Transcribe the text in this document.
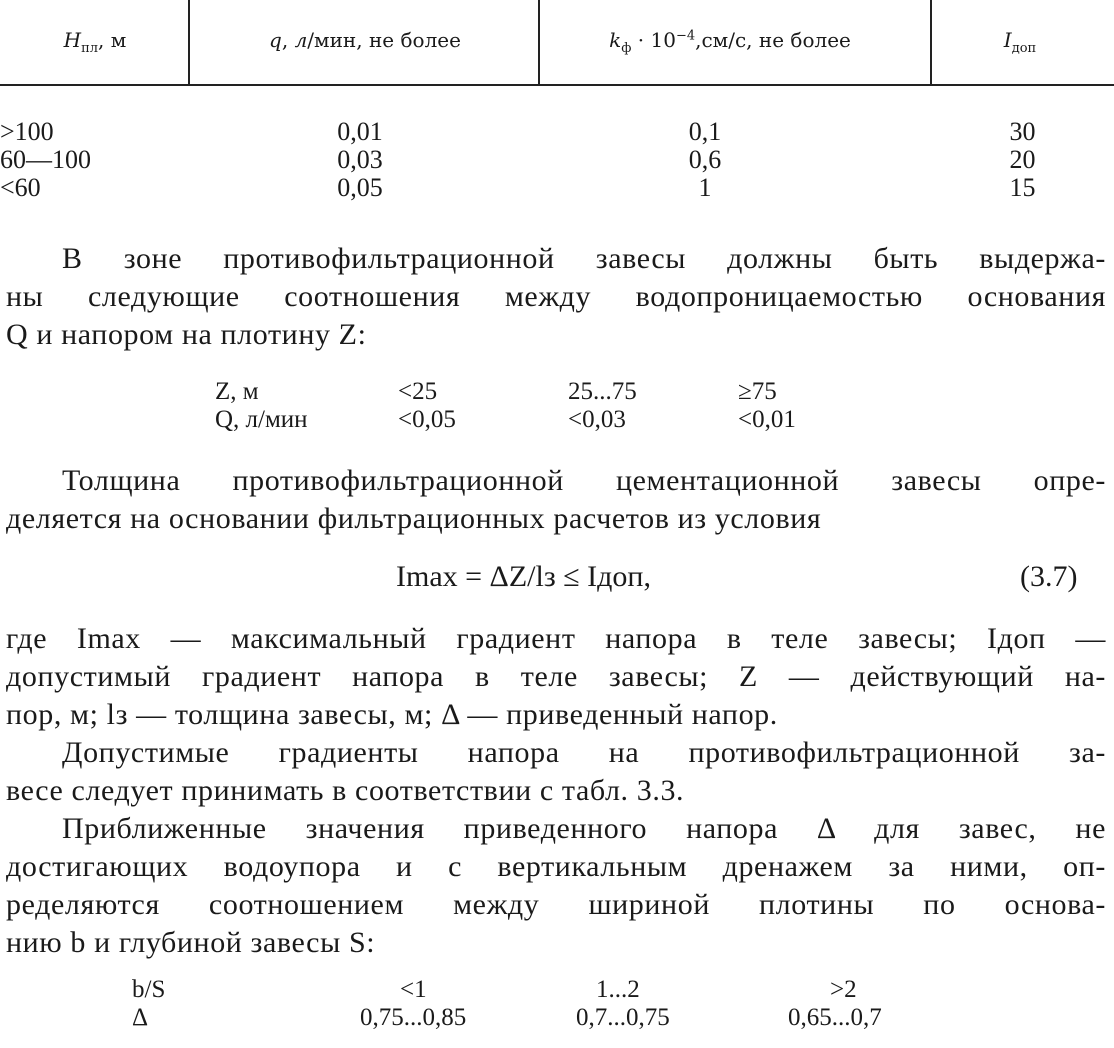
$H_{пл}$, м	q, л/мин, не более	$k_ф \cdot 10^{-4},см/с$, не более	$I_{доп}$
>100	0,01	0,1	30
60—100	0,03	0,6	20
<60	0,05	1	15
В зоне противофильтрационной завесы должны быть выдержа-
ны следующие соотношения между водопроницаемостью основания
Q и напором на плотину Z:
Z, м	<25	25...75	≥75
Q, л/мин	<0,05	<0,03	<0,01
Толщина противофильтрационной цементационной завесы опре-
деляется на основании фильтрационных расчетов из условия
Imax = ΔZ/lз ≤ Iдоп,	(3.7)
где Imax — максимальный градиент напора в теле завесы; Iдоп —
допустимый градиент напора в теле завесы; Z — действующий на-
пор, м; lз — толщина завесы, м; Δ — приведенный напор.
Допустимые градиенты напора на противофильтрационной за-
весе следует принимать в соответствии с табл. 3.3.
Приближенные значения приведенного напора Δ для завес, не
достигающих водоупора и с вертикальным дренажем за ними, оп-
ределяются соотношением между шириной плотины по основа-
нию b и глубиной завесы S:
b/S	<1	1...2	>2
Δ	0,75...0,85	0,7...0,75	0,65...0,7
